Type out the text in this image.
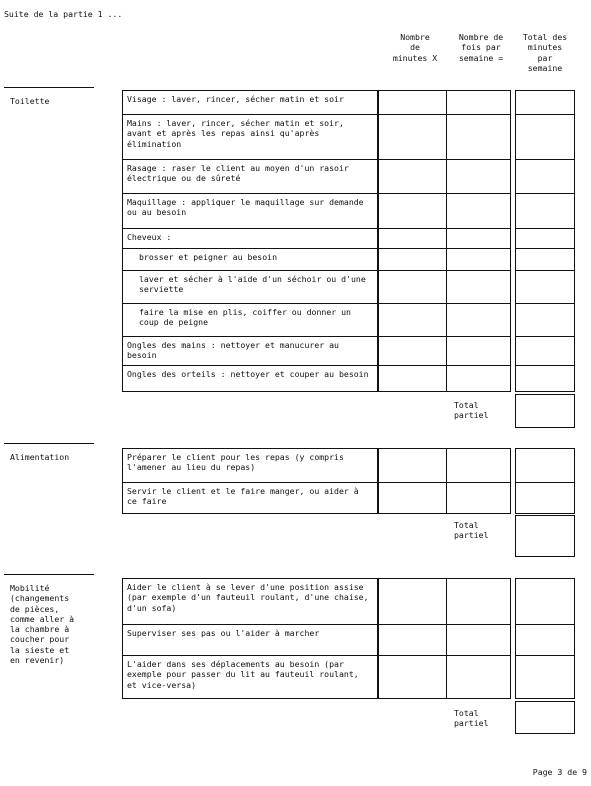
Suite de la partie 1 ...
Nombre
de
minutes X
Nombre de
fois par
semaine =
Total des
minutes
par
semaine
Toilette	Visage : laver, rincer, sécher matin et soir
Mains : laver, rincer, sécher matin et soir, avant et après les repas ainsi qu'après élimination
Rasage : raser le client au moyen d'un rasoir électrique ou de sûreté
Maquillage : appliquer le maquillage sur demande ou au besoin
Cheveux :
brosser et peigner au besoin
laver et sécher à l'aide d'un séchoir ou d'une serviette
faire la mise en plis, coiffer ou donner un coup de peigne
Ongles des mains : nettoyer et manucurer au besoin
Ongles des orteils : nettoyer et couper au besoin
Total
partiel
Alimentation	Préparer le client pour les repas (y compris l'amener au lieu du repas)
Servir le client et le faire manger, ou aider à ce faire
Total
partiel
Mobilité
(changements
de pièces,
comme aller à
la chambre à
coucher pour
la sieste et
en revenir)
Aider le client à se lever d'une position assise (par exemple d'un fauteuil roulant, d'une chaise, d'un sofa)
Superviser ses pas ou l'aider à marcher
L'aider dans ses déplacements au besoin (par exemple pour passer du lit au fauteuil roulant, et vice-versa)
Total
partiel
Page 3 de 9
